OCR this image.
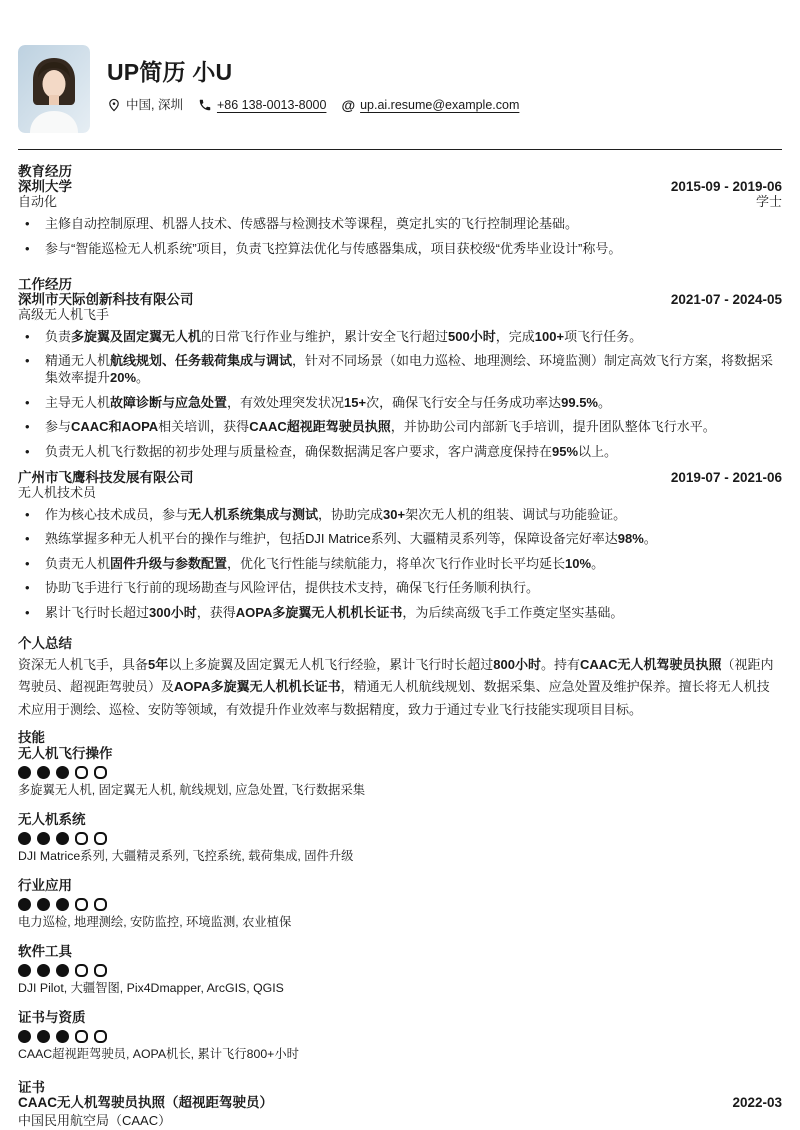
UP简历 小U
中国, 深圳	+86 138-0013-8000 @ up.ai.resume@example.com
教育经历
深圳大学	2015-09 - 2019-06
自动化	学士
• 主修自动控制原理、机器人技术、传感器与检测技术等课程，奠定扎实的飞行控制理论基础。
• 参与“智能巡检无人机系统”项目，负责飞控算法优化与传感器集成，项目获校级“优秀毕业设计”称号。
工作经历
深圳市天际创新科技有限公司	2021-07 - 2024-05
高级无人机飞手
• 负责多旋翼及固定翼无人机的日常飞行作业与维护，累计安全飞行超过500小时，完成100+项飞行任务。
• 精通无人机航线规划、任务载荷集成与调试，针对不同场景（如电力巡检、地理测绘、环境监测）制定高效飞行方案，将数据采集效率提升20%。
• 主导无人机故障诊断与应急处置，有效处理突发状况15+次，确保飞行安全与任务成功率达99.5%。
• 参与CAAC和AOPA相关培训，获得CAAC超视距驾驶员执照，并协助公司内部新飞手培训，提升团队整体飞行水平。
• 负责无人机飞行数据的初步处理与质量检查，确保数据满足客户要求，客户满意度保持在95%以上。
广州市飞鹰科技发展有限公司	2019-07 - 2021-06
无人机技术员
• 作为核心技术成员，参与无人机系统集成与测试，协助完成30+架次无人机的组装、调试与功能验证。
• 熟练掌握多种无人机平台的操作与维护，包括DJI Matrice系列、大疆精灵系列等，保障设备完好率达98%。
• 负责无人机固件升级与参数配置，优化飞行性能与续航能力，将单次飞行作业时长平均延长10%。
• 协助飞手进行飞行前的现场勘查与风险评估，提供技术支持，确保飞行任务顺利执行。
• 累计飞行时长超过300小时，获得AOPA多旋翼无人机机长证书，为后续高级飞手工作奠定坚实基础。
个人总结

资深无人机飞手，具备5年以上多旋翼及固定翼无人机飞行经验，累计飞行时长超过800小时。持有CAAC无人机驾驶员执照（视距内驾驶员、超视距驾驶员）及AOPA多旋翼无人机机长证书，精通无人机航线规划、数据采集、应急处置及维护保养。擅长将无人机技术应用于测绘、巡检、安防等领域，有效提升作业效率与数据精度，致力于通过专业飞行技能实现项目目标。

技能
无人机飞行操作
多旋翼无人机, 固定翼无人机, 航线规划, 应急处置, 飞行数据采集
无人机系统
DJI Matrice系列, 大疆精灵系列, 飞控系统, 载荷集成, 固件升级
行业应用
电力巡检, 地理测绘, 安防监控, 环境监测, 农业植保
软件工具
DJI Pilot, 大疆智图, Pix4Dmapper, ArcGIS, QGIS
证书与资质
CAAC超视距驾驶员, AOPA机长, 累计飞行800+小时
证书
CAAC无人机驾驶员执照（超视距驾驶员）	2022-03
中国民用航空局（CAAC）
